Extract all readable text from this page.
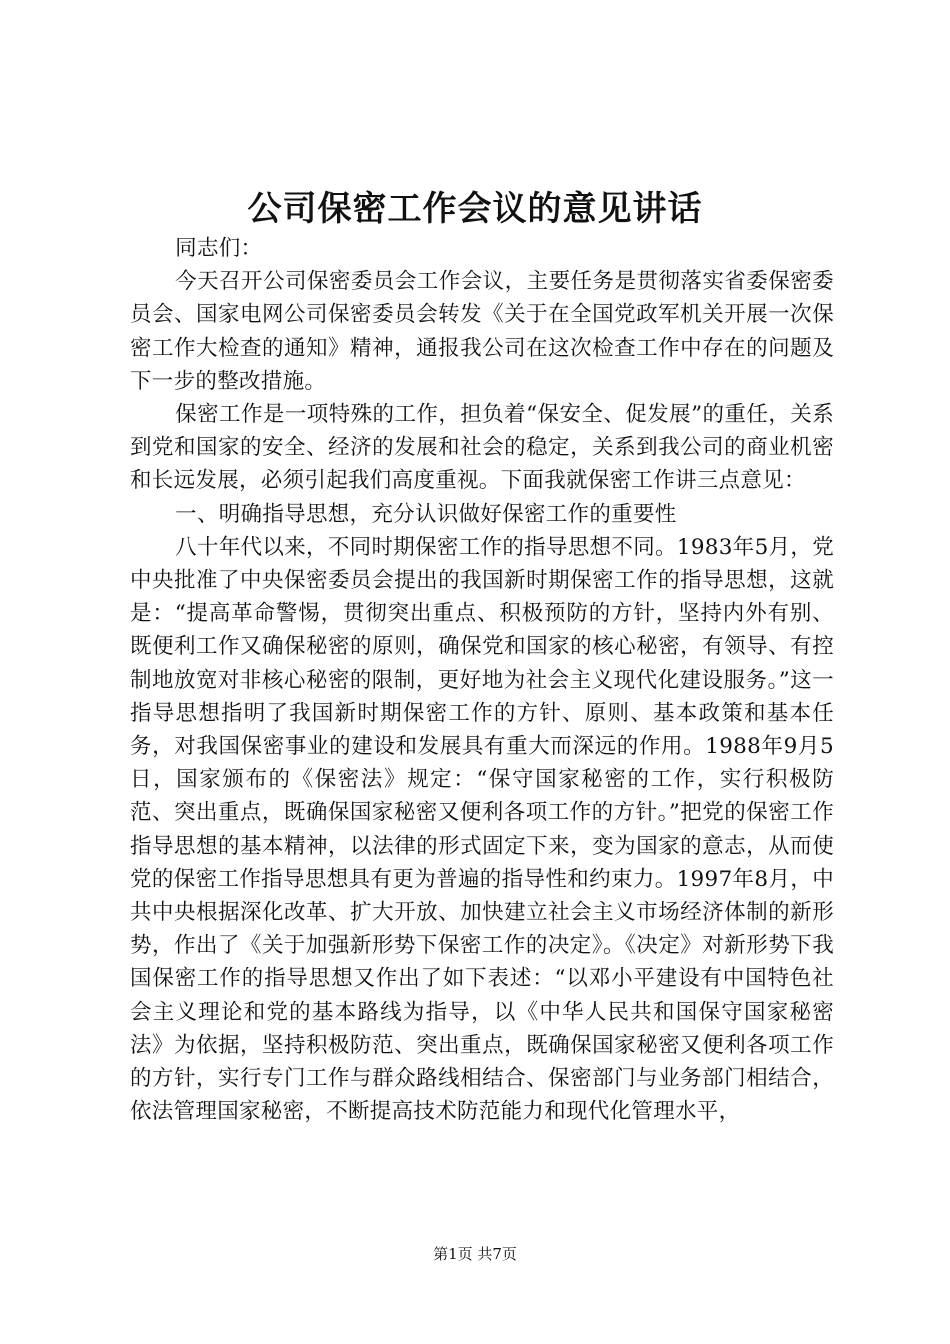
公司保密工作会议的意见讲话

同志们：

今天召开公司保密委员会工作会议，主要任务是贯彻落实省委保密委员会、国家电网公司保密委员会转发《关于在全国党政军机关开展一次保密工作大检查的通知》精神，通报我公司在这次检查工作中存在的问题及下一步的整改措施。

保密工作是一项特殊的工作，担负着“保安全、促发展”的重任，关系到党和国家的安全、经济的发展和社会的稳定，关系到我公司的商业机密和长远发展，必须引起我们高度重视。下面我就保密工作讲三点意见：

一、明确指导思想，充分认识做好保密工作的重要性

八十年代以来，不同时期保密工作的指导思想不同。1983年5月，党中央批准了中央保密委员会提出的我国新时期保密工作的指导思想，这就是：“提高革命警惕，贯彻突出重点、积极预防的方针，坚持内外有别、既便利工作又确保秘密的原则，确保党和国家的核心秘密，有领导、有控制地放宽对非核心秘密的限制，更好地为社会主义现代化建设服务。”这一指导思想指明了我国新时期保密工作的方针、原则、基本政策和基本任务，对我国保密事业的建设和发展具有重大而深远的作用。1988年9月5日，国家颁布的《保密法》规定：“保守国家秘密的工作，实行积极防范、突出重点，既确保国家秘密又便利各项工作的方针。”把党的保密工作指导思想的基本精神，以法律的形式固定下来，变为国家的意志，从而使党的保密工作指导思想具有更为普遍的指导性和约束力。1997年8月，中共中央根据深化改革、扩大开放、加快建立社会主义市场经济体制的新形势，作出了《关于加强新形势下保密工作的决定》。《决定》对新形势下我国保密工作的指导思想又作出了如下表述：“以邓小平建设有中国特色社会主义理论和党的基本路线为指导，以《中华人民共和国保守国家秘密法》为依据，坚持积极防范、突出重点，既确保国家秘密又便利各项工作的方针，实行专门工作与群众路线相结合、保密部门与业务部门相结合，依法管理国家秘密，不断提高技术防范能力和现代化管理水平，

第1页 共7页
